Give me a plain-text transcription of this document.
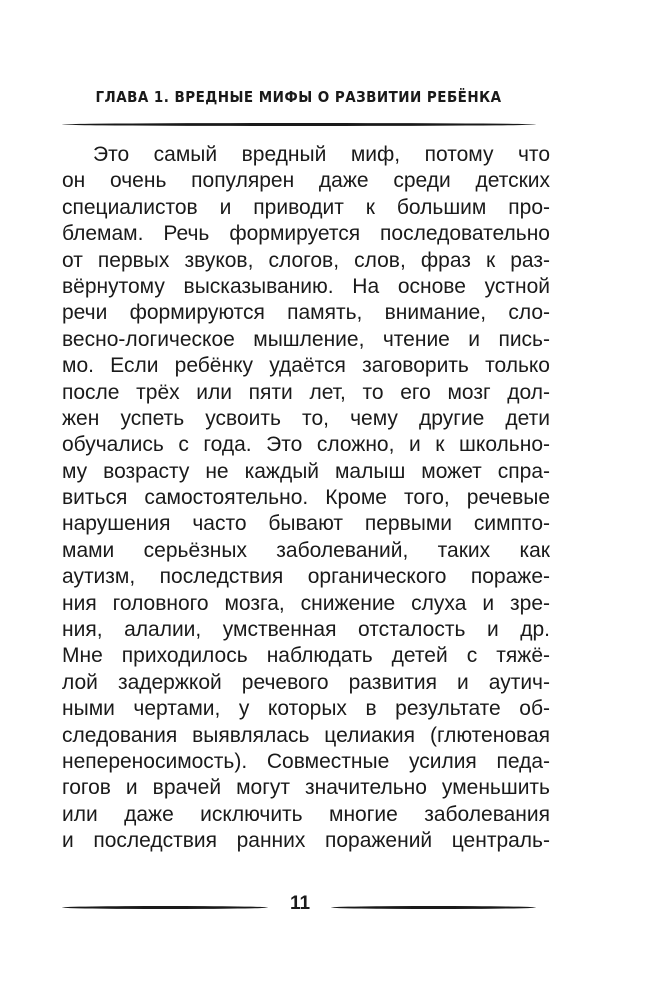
ГЛАВА 1. ВРЕДНЫЕ МИФЫ О РАЗВИТИИ РЕБЁНКА
Это самый вредный миф, потому что
он очень популярен даже среди детских
специалистов и приводит к большим про-
блемам. Речь формируется последовательно
от первых звуков, слогов, слов, фраз к раз-
вёрнутому высказыванию. На основе устной
речи формируются память, внимание, сло-
весно-логическое мышление, чтение и пись-
мо. Если ребёнку удаётся заговорить только
после трёх или пяти лет, то его мозг дол-
жен успеть усвоить то, чему другие дети
обучались с года. Это сложно, и к школьно-
му возрасту не каждый малыш может спра-
виться самостоятельно. Кроме того, речевые
нарушения часто бывают первыми симпто-
мами серьёзных заболеваний, таких как
аутизм, последствия органического пораже-
ния головного мозга, снижение слуха и зре-
ния, алалии, умственная отсталость и др.
Мне приходилось наблюдать детей с тяжё-
лой задержкой речевого развития и аутич-
ными чертами, у которых в результате об-
следования выявлялась целиакия (глютеновая
непереносимость). Совместные усилия педа-
гогов и врачей могут значительно уменьшить
или даже исключить многие заболевания
и последствия ранних поражений централь-
11
